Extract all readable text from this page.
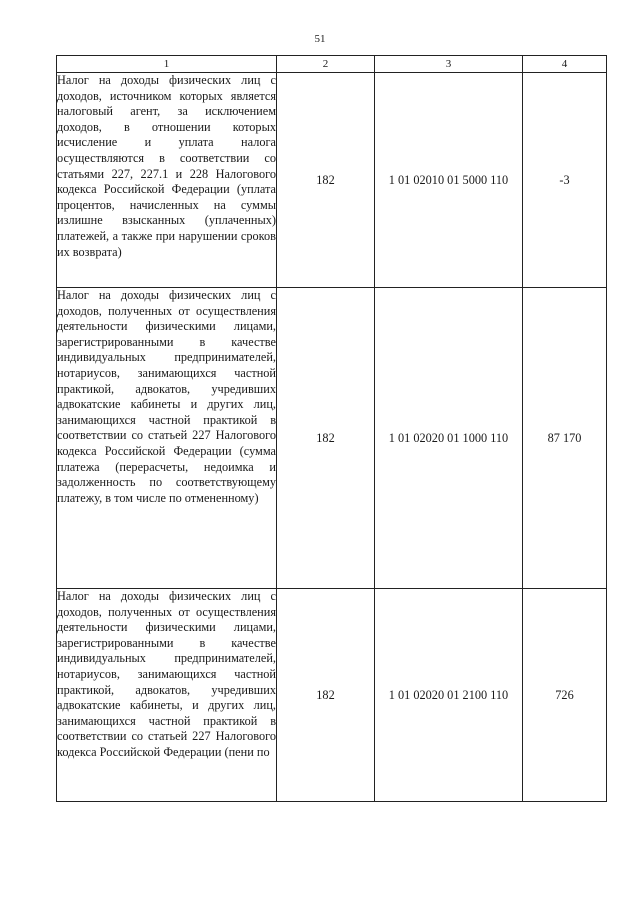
51
1	2	3	4

Налог на доходы физических лиц с доходов, источником которых является налоговый агент, за исключением доходов, в отношении которых исчисление и уплата налога осуществляются в соответствии со статьями 227, 227.1 и 228 Налогового кодекса Российской Федерации (уплата процентов, начисленных на суммы излишне взысканных (уплаченных) платежей, а также при нарушении сроков их возврата)	182	1 01 02010 01 5000 110	-3

Налог на доходы физических лиц с доходов, полученных от осуществления деятельности физическими лицами, зарегистрированными в качестве индивидуальных предпринимателей, нотариусов, занимающихся частной практикой, адвокатов, учредивших адвокатские кабинеты и других лиц, занимающихся частной практикой в соответствии со статьей 227 Налогового кодекса Российской Федерации (сумма платежа (перерасчеты, недоимка и задолженность по соответствующему платежу, в том числе по отмененному)	182	1 01 02020 01 1000 110	87 170

Налог на доходы физических лиц с доходов, полученных от осуществления деятельности физическими лицами, зарегистрированными в качестве индивидуальных предпринимателей, нотариусов, занимающихся частной практикой, адвокатов, учредивших адвокатские кабинеты, и других лиц, занимающихся частной практикой в соответствии со статьей 227 Налогового кодекса Российской Федерации (пени по	182	1 01 02020 01 2100 110	726
